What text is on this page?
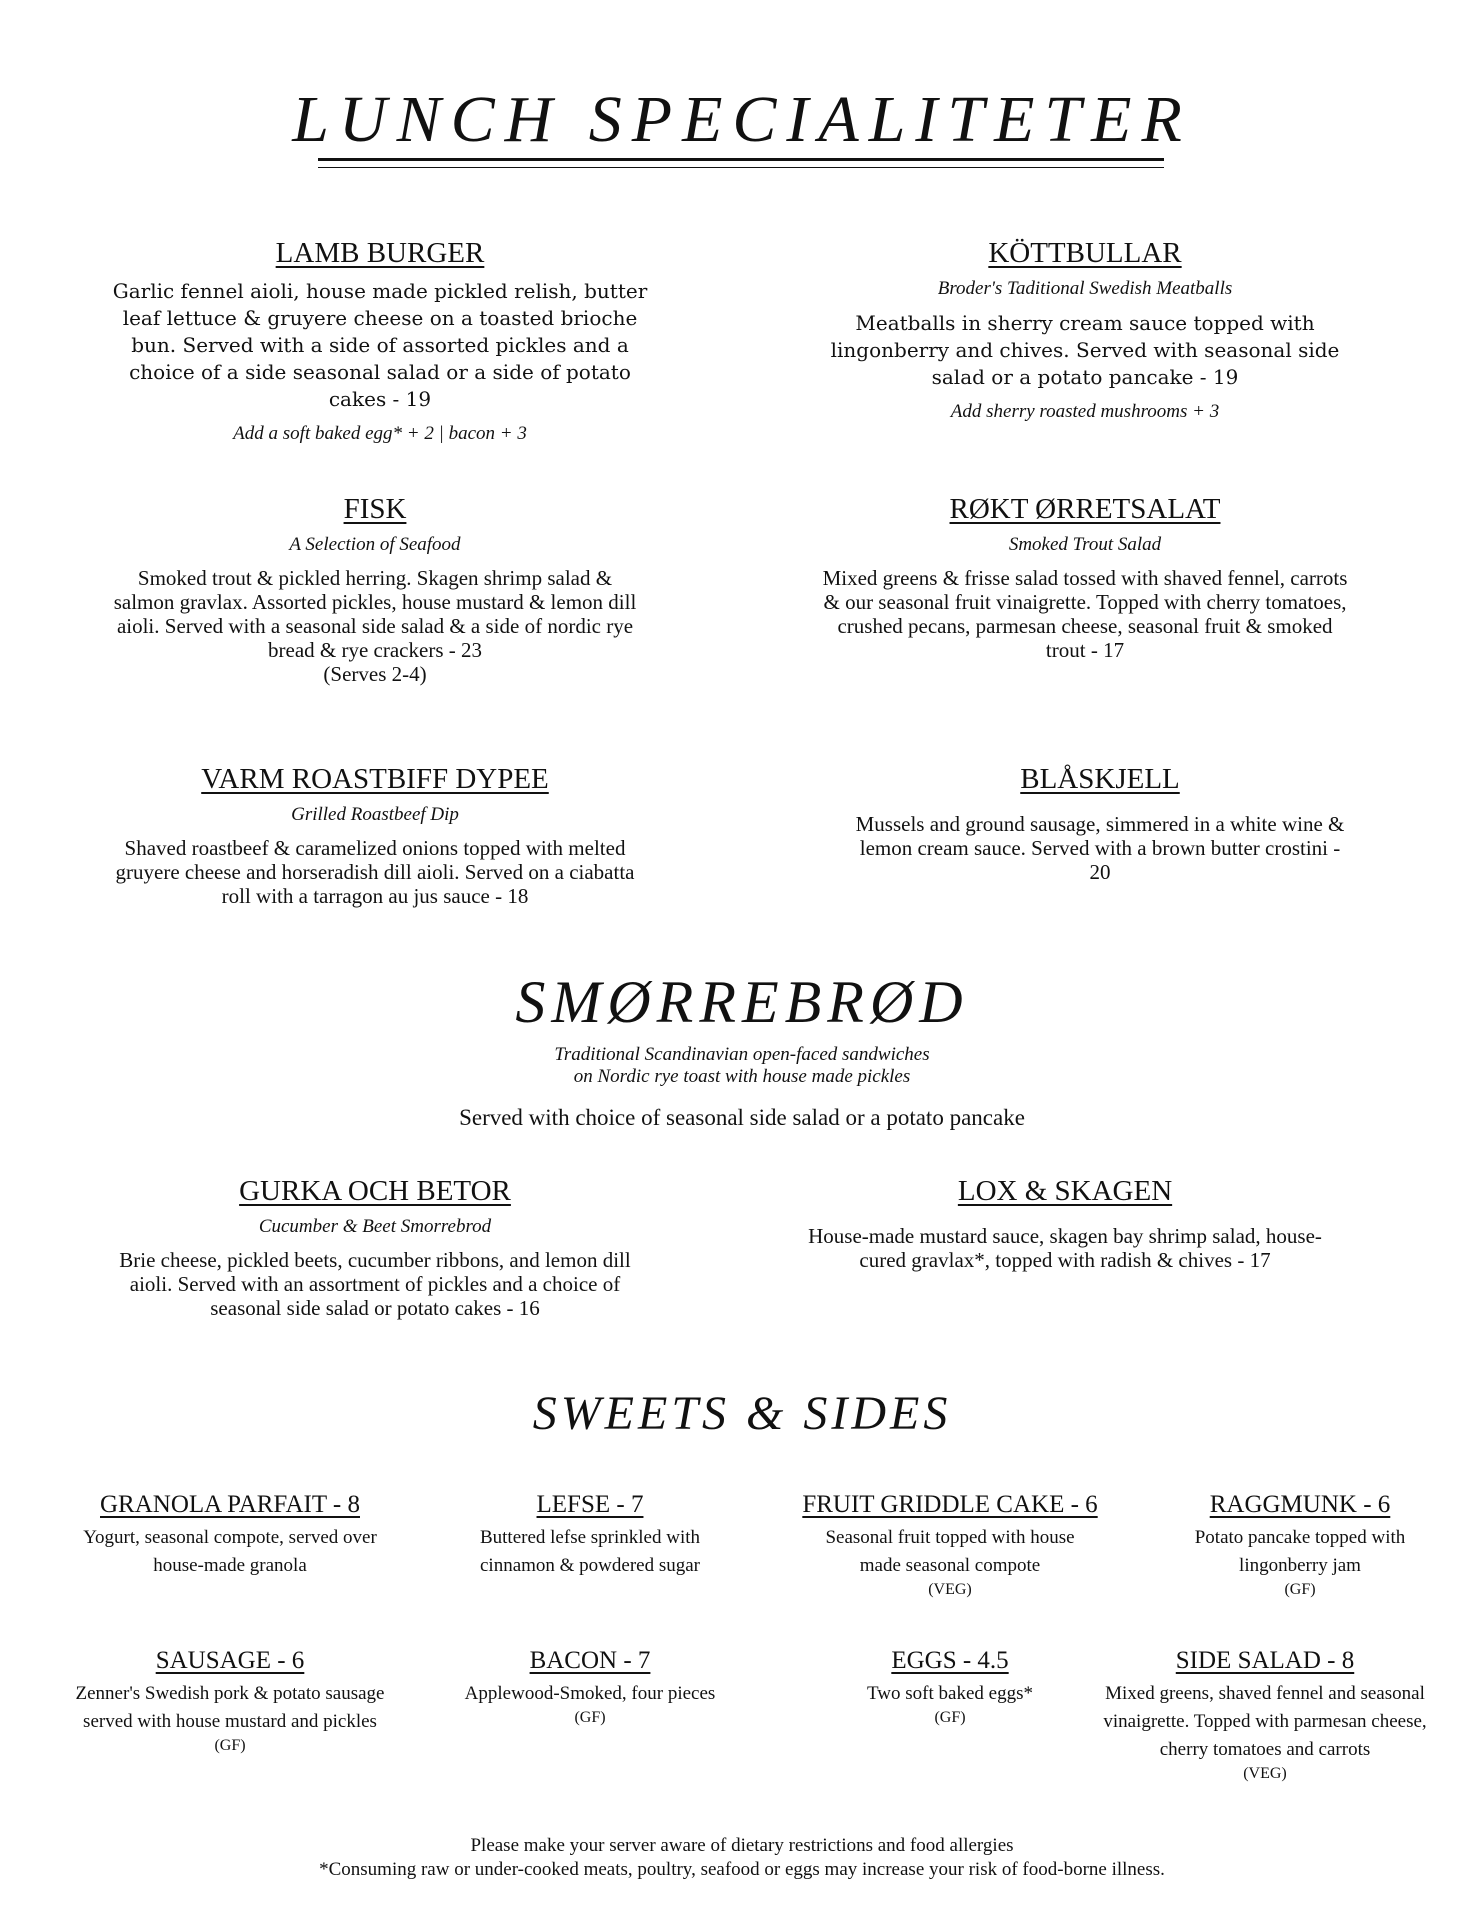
LUNCH SPECIALITETER
LAMB BURGER

Garlic fennel aioli, house made pickled relish, butter leaf lettuce & gruyere cheese on a toasted brioche bun. Served with a side of assorted pickles and a choice of a side seasonal salad or a side of potato cakes - 19

Add a soft baked egg* + 2 | bacon + 3
KÖTTBULLAR
Broder's Taditional Swedish Meatballs

Meatballs in sherry cream sauce topped with lingonberry and chives. Served with seasonal side salad or a potato pancake - 19

Add sherry roasted mushrooms + 3
FISK
A Selection of Seafood

Smoked trout & pickled herring. Skagen shrimp salad & salmon gravlax. Assorted pickles, house mustard & lemon dill aioli. Served with a seasonal side salad & a side of nordic rye bread & rye crackers - 23

(Serves 2-4)

RØKT ØRRETSALAT
Smoked Trout Salad

Mixed greens & frisse salad tossed with shaved fennel, carrots & our seasonal fruit vinaigrette. Topped with cherry tomatoes, crushed pecans, parmesan cheese, seasonal fruit & smoked trout - 17

VARM ROASTBIFF DYPEE
Grilled Roastbeef Dip

Shaved roastbeef & caramelized onions topped with melted gruyere cheese and horseradish dill aioli. Served on a ciabatta roll with a tarragon au jus sauce - 18

BLÅSKJELL

Mussels and ground sausage, simmered in a white wine & lemon cream sauce. Served with a brown butter crostini - 20

SMØRREBRØD
Traditional Scandinavian open-faced sandwiches
on Nordic rye toast with house made pickles
Served with choice of seasonal side salad or a potato pancake
GURKA OCH BETOR
Cucumber & Beet Smorrebrod

Brie cheese, pickled beets, cucumber ribbons, and lemon dill aioli. Served with an assortment of pickles and a choice of seasonal side salad or potato cakes - 16

LOX & SKAGEN

House-made mustard sauce, skagen bay shrimp salad, house-cured gravlax*, topped with radish & chives - 17

SWEETS & SIDES
GRANOLA PARFAIT - 8
Yogurt, seasonal compote, served over house-made granola
LEFSE - 7
Buttered lefse sprinkled with cinnamon & powdered sugar
FRUIT GRIDDLE CAKE - 6
Seasonal fruit topped with house made seasonal compote
(VEG)
RAGGMUNK - 6
Potato pancake topped with lingonberry jam
(GF)
SAUSAGE - 6
Zenner's Swedish pork & potato sausage served with house mustard and pickles
(GF)
BACON - 7
Applewood-Smoked, four pieces
(GF)
EGGS - 4.5
Two soft baked eggs*
(GF)
SIDE SALAD - 8
Mixed greens, shaved fennel and seasonal vinaigrette. Topped with parmesan cheese, cherry tomatoes and carrots
(VEG)
Please make your server aware of dietary restrictions and food allergies
*Consuming raw or under-cooked meats, poultry, seafood or eggs may increase your risk of food-borne illness.
